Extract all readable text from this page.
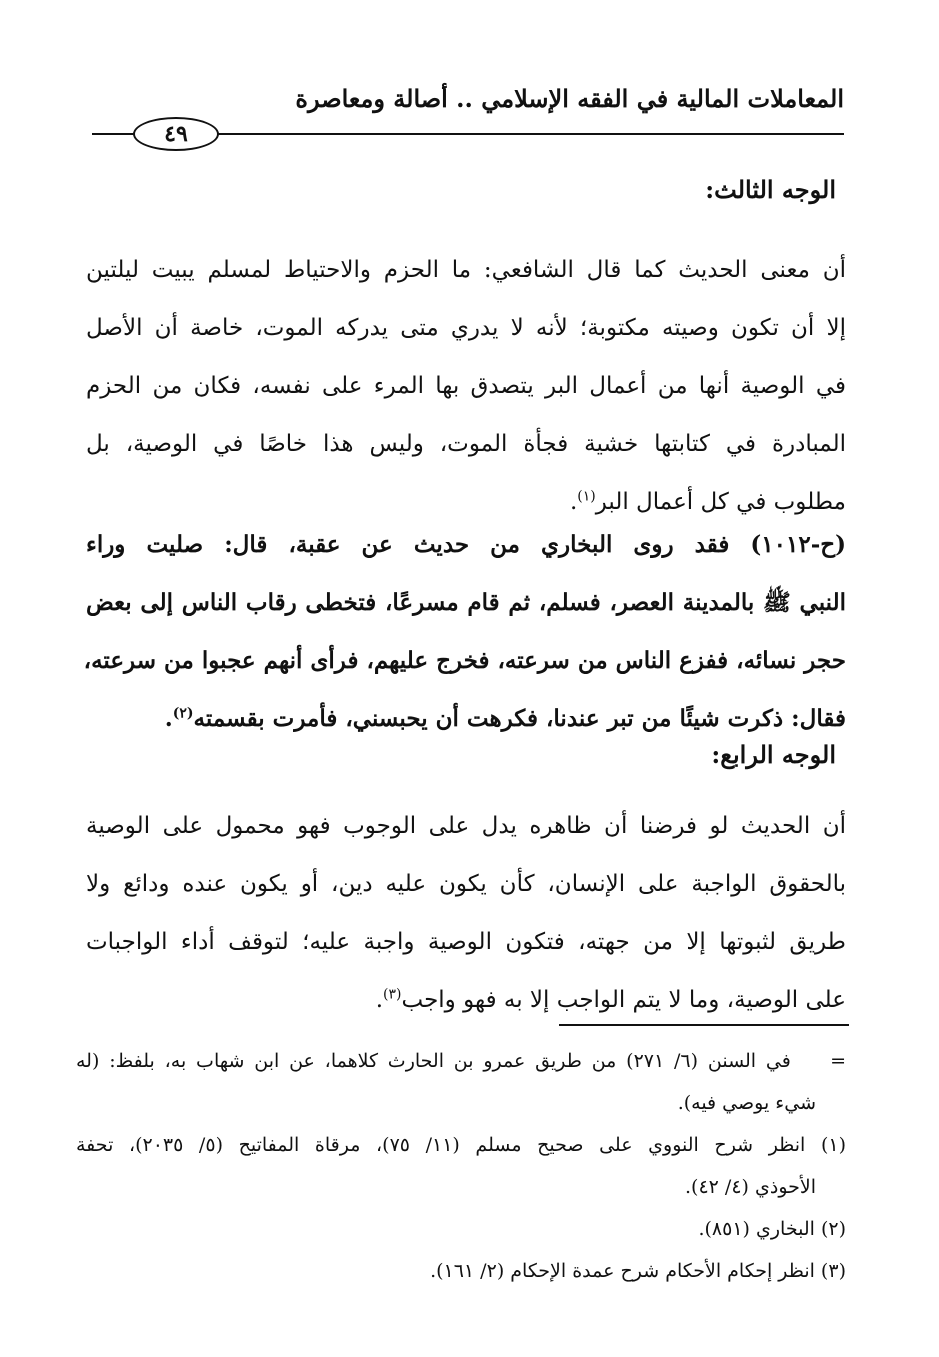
المعاملات المالية في الفقه الإسلامي .. أصالة ومعاصرة
٤٩
الوجه الثالث:
أن معنى الحديث كما قال الشافعي: ما الحزم والاحتياط لمسلم يبيت ليلتين
إلا أن تكون وصيته مكتوبة؛ لأنه لا يدري متى يدركه الموت، خاصة أن الأصل
في الوصية أنها من أعمال البر يتصدق بها المرء على نفسه، فكان من الحزم
المبادرة في كتابتها خشية فجأة الموت، وليس هذا خاصًا في الوصية، بل
مطلوب في كل أعمال البر$^{(١)}$.
(ح-١٠١٢) فقد روى البخاري من حديث عن عقبة، قال: صليت وراء
النبي ﷺ بالمدينة العصر، فسلم، ثم قام مسرعًا، فتخطى رقاب الناس إلى بعض
حجر نسائه، ففزع الناس من سرعته، فخرج عليهم، فرأى أنهم عجبوا من سرعته،
فقال: ذكرت شيئًا من تبر عندنا، فكرهت أن يحبسني، فأمرت بقسمته$^{(٢)}$.
الوجه الرابع:
أن الحديث لو فرضنا أن ظاهره يدل على الوجوب فهو محمول على الوصية
بالحقوق الواجبة على الإنسان، كأن يكون عليه دين، أو يكون عنده ودائع ولا
طريق لثبوتها إلا من جهته، فتكون الوصية واجبة عليه؛ لتوقف أداء الواجبات
على الوصية، وما لا يتم الواجب إلا به فهو واجب$^{(٣)}$.
=    في السنن (٦/ ٢٧١) من طريق عمرو بن الحارث كلاهما، عن ابن شهاب به، بلفظ: (له
شيء يوصي فيه).
(١) انظر شرح النووي على صحيح مسلم (١١/ ٧٥)، مرقاة المفاتيح (٥/ ٢٠٣٥)، تحفة
الأحوذي (٤/ ٤٢).
(٢) البخاري (٨٥١).
(٣) انظر إحكام الأحكام شرح عمدة الإحكام (٢/ ١٦١).
